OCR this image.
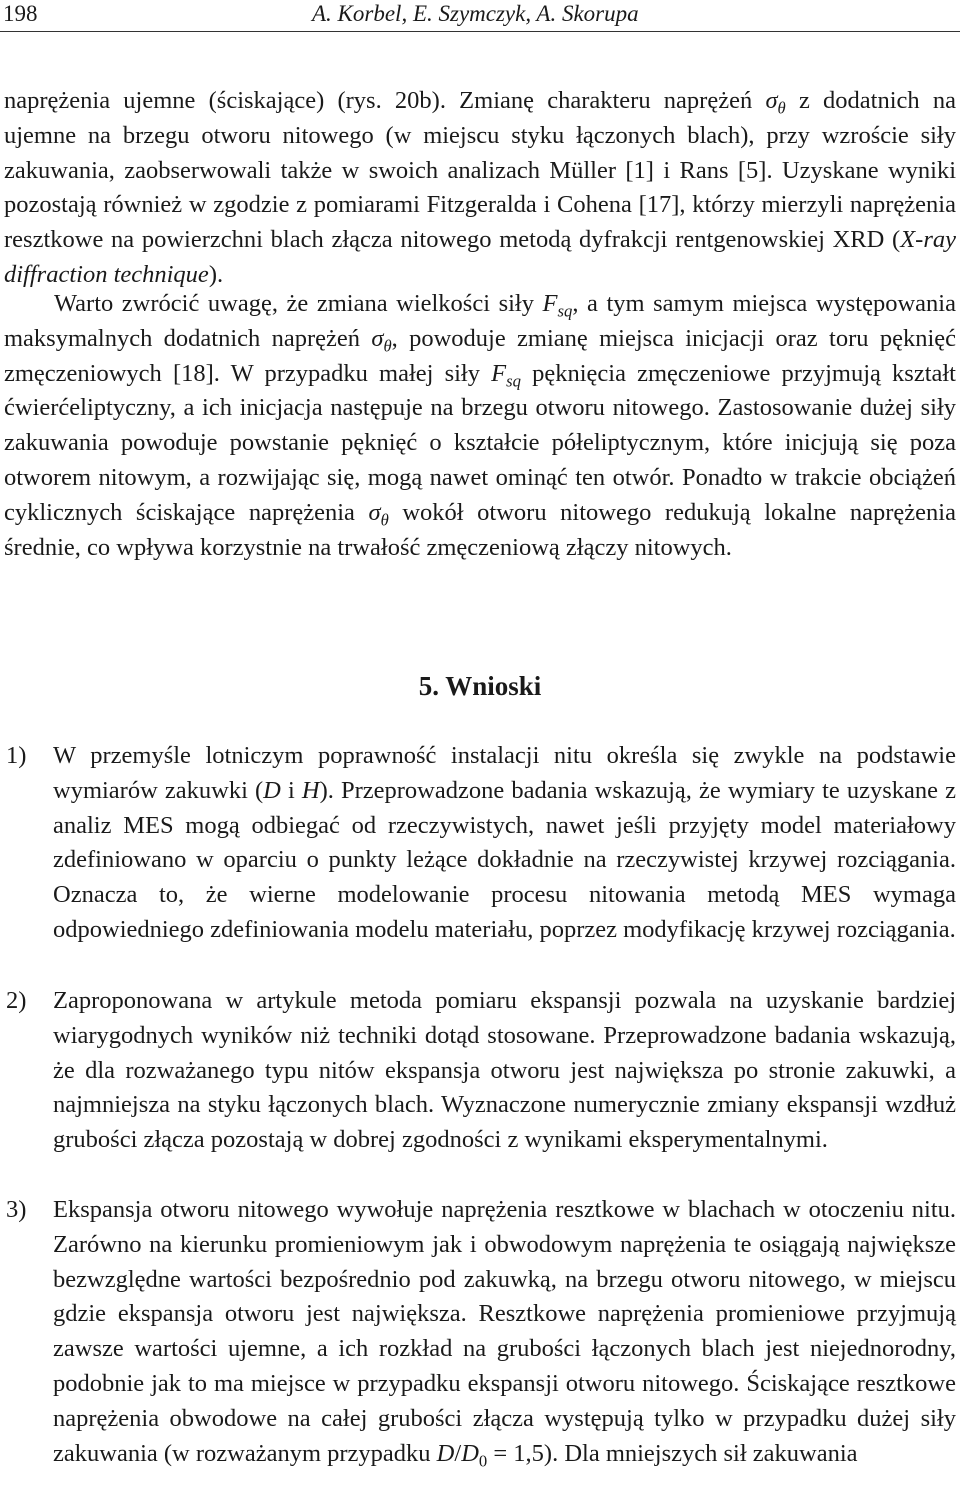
198	A. Korbel, E. Szymczyk, A. Skorupa

naprężenia ujemne (ściskające) (rys. 20b). Zmianę charakteru naprężeń $\sigma_\theta$ z dodatnich na ujemne na brzegu otworu nitowego (w miejscu styku łączonych blach), przy wzroście siły zakuwania, zaobserwowali także w swoich analizach Müller [1] i Rans [5]. Uzyskane wyniki pozostają również w zgodzie z pomiarami Fitzgeralda i Cohena [17], którzy mierzyli naprężenia resztkowe na powierzchni blach złącza nitowego metodą dyfrakcji rentgenowskiej XRD (X-ray diffraction technique).

Warto zwrócić uwagę, że zmiana wielkości siły $F_{sq}$, a tym samym miejsca występowania maksymalnych dodatnich naprężeń $\sigma_\theta$, powoduje zmianę miejsca inicjacji oraz toru pęknięć zmęczeniowych [18]. W przypadku małej siły $F_{sq}$ pęknięcia zmęczeniowe przyjmują kształt ćwierćeliptyczny, a ich inicjacja następuje na brzegu otworu nitowego. Zastosowanie dużej siły zakuwania powoduje powstanie pęknięć o kształcie półeliptycznym, które inicjują się poza otworem nitowym, a rozwijając się, mogą nawet ominąć ten otwór. Ponadto w trakcie obciążeń cyklicznych ściskające naprężenia $\sigma_\theta$ wokół otworu nitowego redukują lokalne naprężenia średnie, co wpływa korzystnie na trwałość zmęczeniową złączy nitowych.

5. Wnioski
1) W przemyśle lotniczym poprawność instalacji nitu określa się zwykle na podstawie wymiarów zakuwki (D i H). Przeprowadzone badania wskazują, że wymiary te uzyskane z analiz MES mogą odbiegać od rzeczywistych, nawet jeśli przyjęty model materiałowy zdefiniowano w oparciu o punkty leżące dokładnie na rzeczywistej krzywej rozciągania. Oznacza to, że wierne modelowanie procesu nitowania metodą MES wymaga odpowiedniego zdefiniowania modelu materiału, poprzez modyfikację krzywej rozciągania.

2) Zaproponowana w artykule metoda pomiaru ekspansji pozwala na uzyskanie bardziej wiarygodnych wyników niż techniki dotąd stosowane. Przeprowadzone badania wskazują, że dla rozważanego typu nitów ekspansja otworu jest największa po stronie zakuwki, a najmniejsza na styku łączonych blach. Wyznaczone numerycznie zmiany ekspansji wzdłuż grubości złącza pozostają w dobrej zgodności z wynikami eksperymentalnymi.

3) Ekspansja otworu nitowego wywołuje naprężenia resztkowe w blachach w otoczeniu nitu. Zarówno na kierunku promieniowym jak i obwodowym naprężenia te osiągają największe bezwzględne wartości bezpośrednio pod zakuwką, na brzegu otworu nitowego, w miejscu gdzie ekspansja otworu jest największa. Resztkowe naprężenia promieniowe przyjmują zawsze wartości ujemne, a ich rozkład na grubości łączonych blach jest niejednorodny, podobnie jak to ma miejsce w przypadku ekspansji otworu nitowego. Ściskające resztkowe naprężenia obwodowe na całej grubości złącza występują tylko w przypadku dużej siły zakuwania (w rozważanym przypadku $D/D_0 = 1,5$). Dla mniejszych sił zakuwania
